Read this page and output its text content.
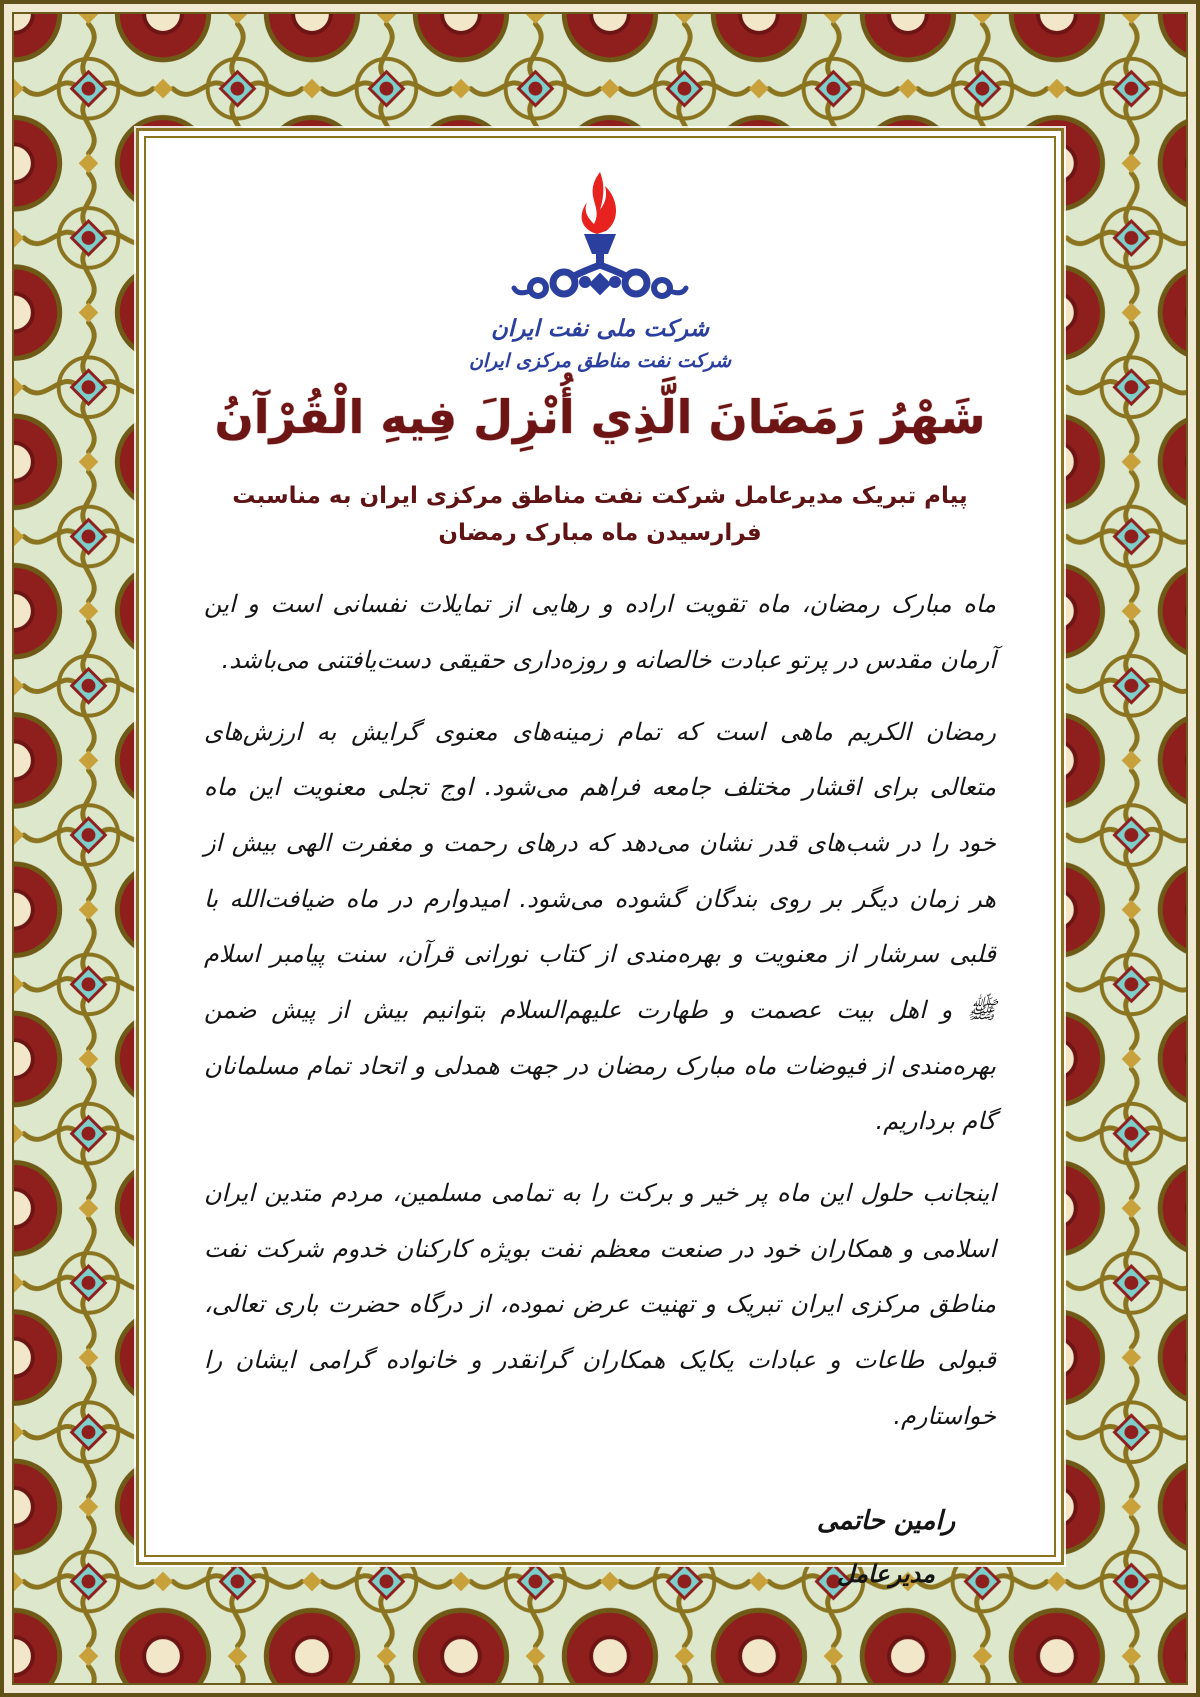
شرکت ملی نفت ایران
شرکت نفت مناطق مرکزی ایران
شَهْرُ رَمَضَانَ الَّذِي أُنْزِلَ فِيهِ الْقُرْآنُ
پیام تبریک مدیرعامل شرکت نفت مناطق مرکزی ایران به مناسبت فرارسیدن ماه مبارک رمضان

ماه مبارک رمضان، ماه تقویت اراده و رهایی از تمایلات نفسانی است و این آرمان مقدس در پرتو عبادت خالصانه و روزه‌داری حقیقی دست‌یافتنی می‌باشد.

رمضان الکریم ماهی است که تمام زمینه‌های معنوی گرایش به ارزش‌های متعالی برای اقشار مختلف جامعه فراهم می‌شود. اوج تجلی معنویت این ماه خود را در شب‌های قدر نشان می‌دهد که درهای رحمت و مغفرت الهی بیش از هر زمان دیگر بر روی بندگان گشوده می‌شود. امیدوارم در ماه ضیافت‌الله با قلبی سرشار از معنویت و بهره‌مندی از کتاب نورانی قرآن، سنت پیامبر اسلام ﷺ و اهل بیت عصمت و طهارت علیهم‌السلام بتوانیم بیش از پیش ضمن بهره‌مندی از فیوضات ماه مبارک رمضان در جهت همدلی و اتحاد تمام مسلمانان گام برداریم.

اینجانب حلول این ماه پر خیر و برکت را به تمامی مسلمین، مردم متدین ایران اسلامی و همکاران خود در صنعت معظم نفت بویژه کارکنان خدوم شرکت نفت مناطق مرکزی ایران تبریک و تهنیت عرض نموده، از درگاه حضرت باری تعالی، قبولی طاعات و عبادات یکایک همکاران گرانقدر و خانواده گرامی ایشان را خواستارم.

رامین حاتمی
مدیرعامل
